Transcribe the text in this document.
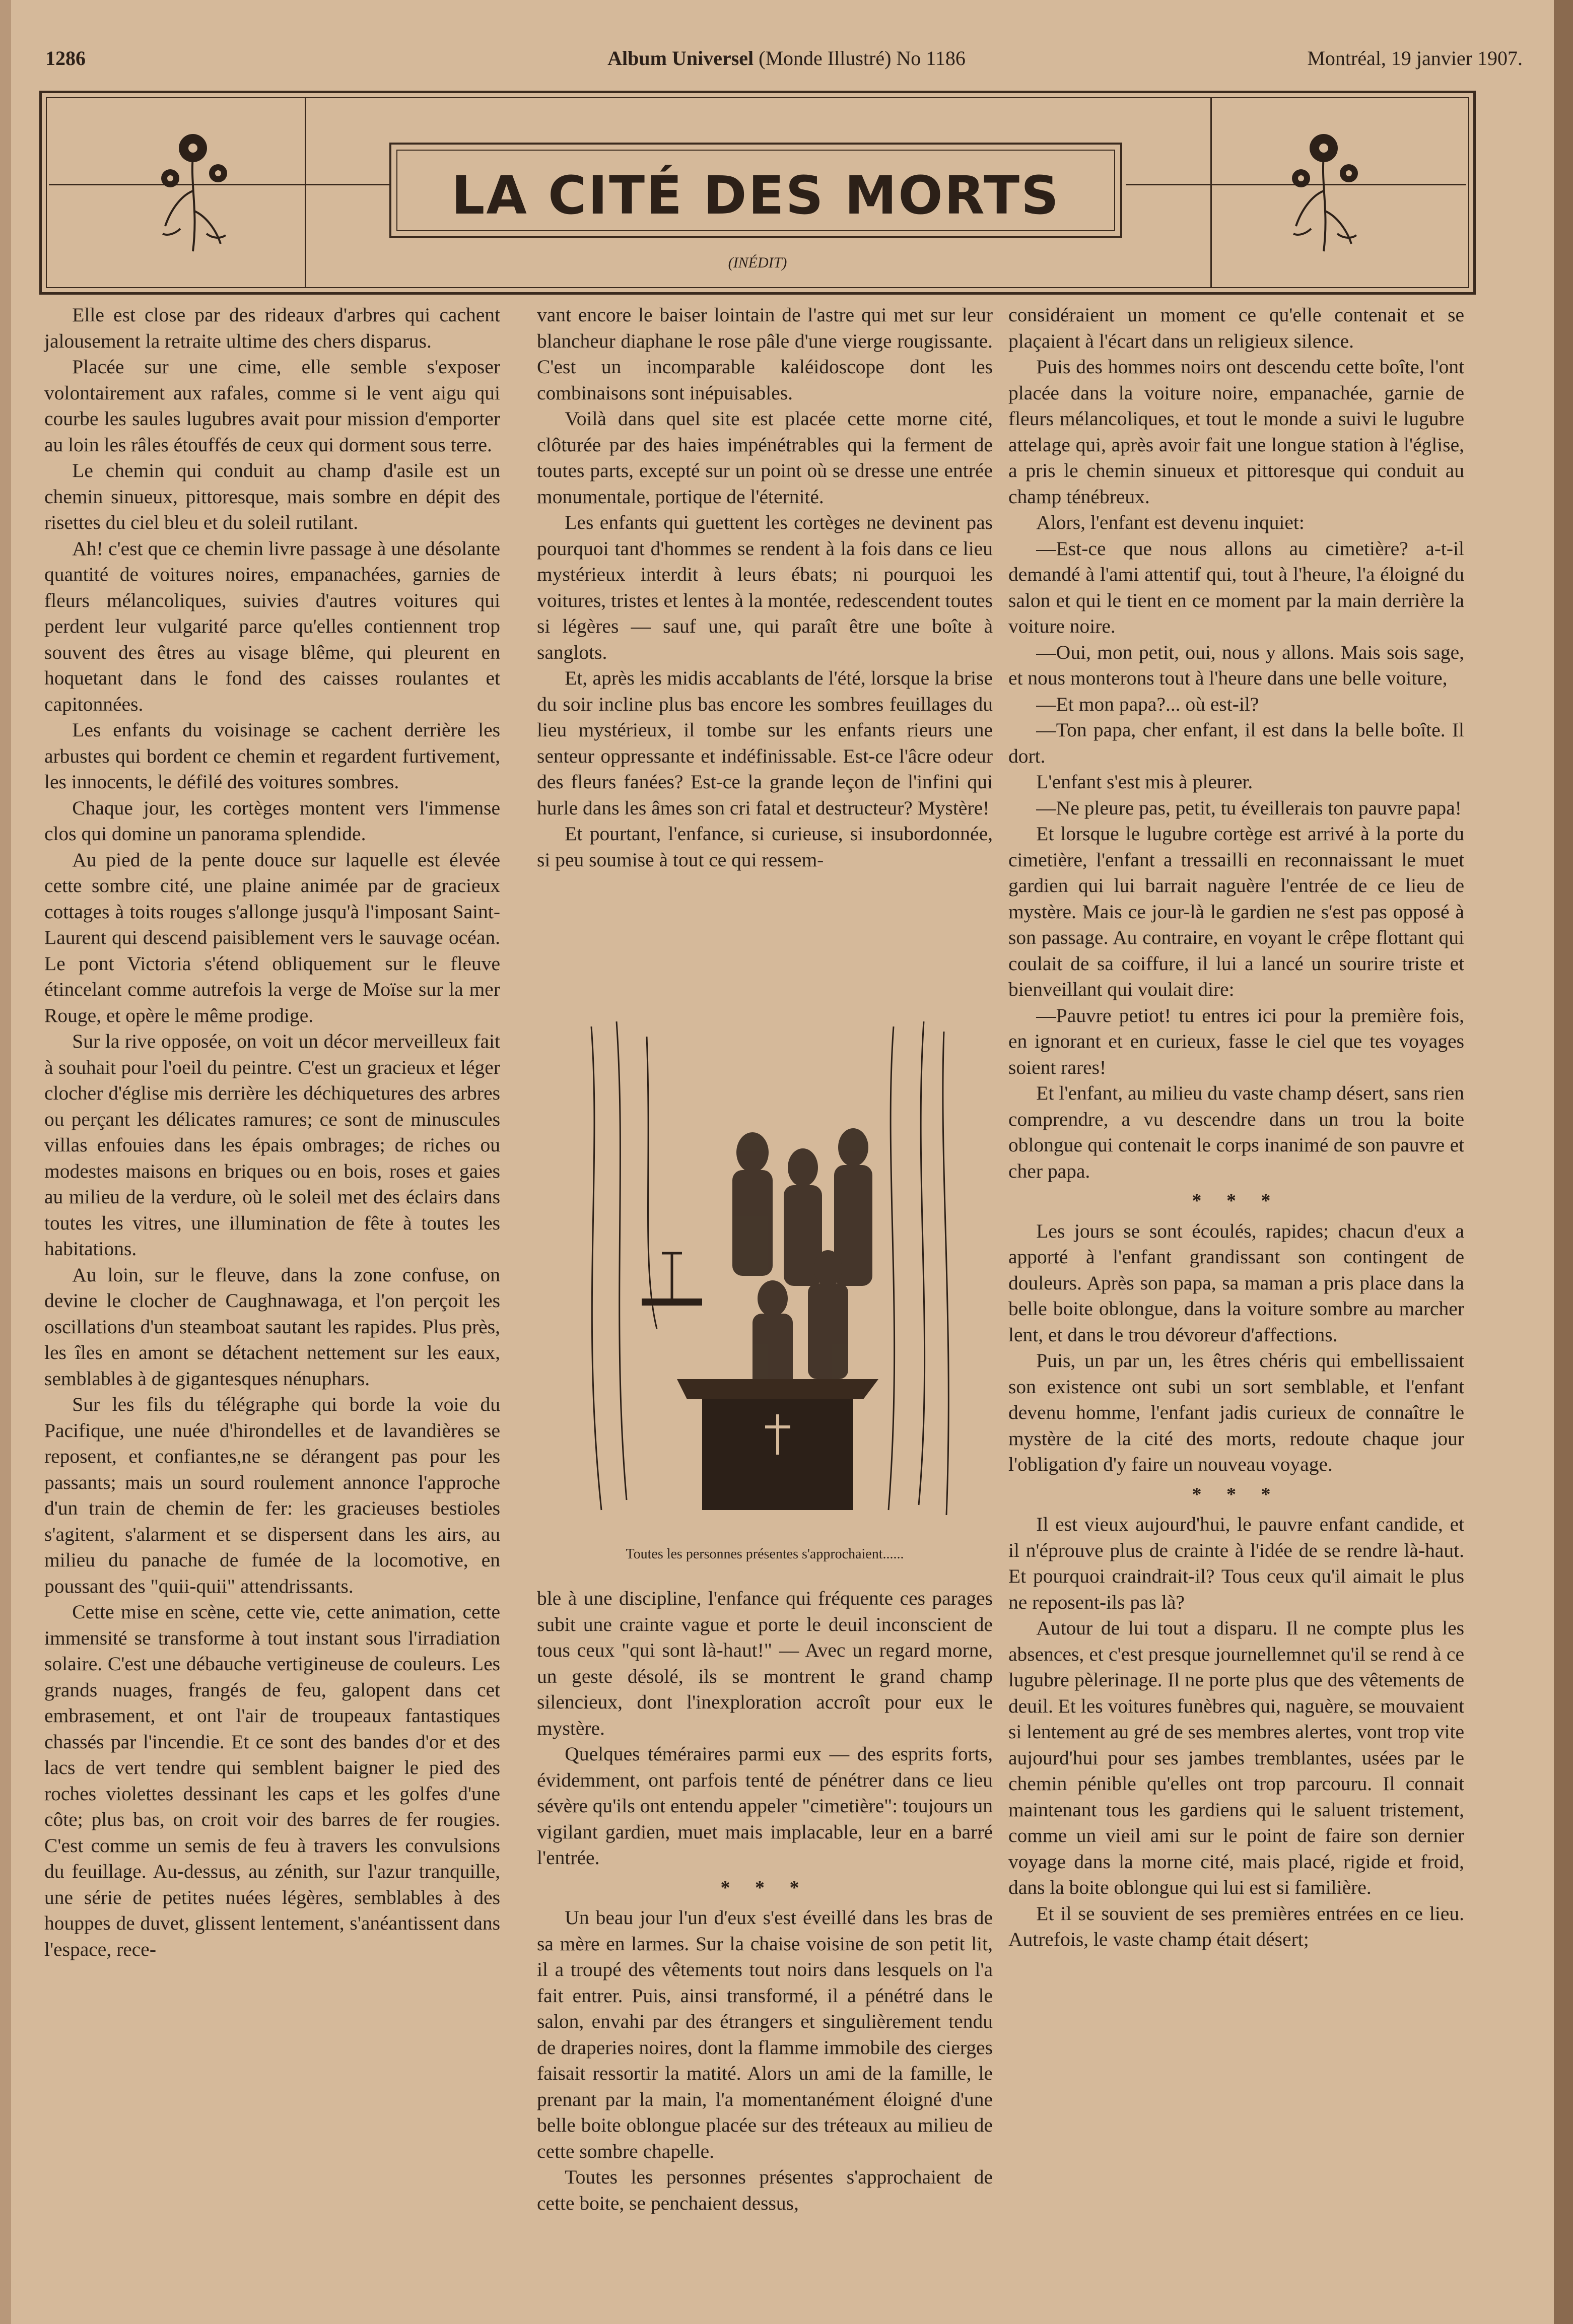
1286	Album Universel (Monde Illustré) No 1186	Montréal, 19 janvier 1907.
LA CITÉ DES MORTS
(INÉDIT)

Elle est close par des rideaux d'arbres qui cachent jalousement la retraite ultime des chers disparus.

Placée sur une cime, elle semble s'exposer volontairement aux rafales, comme si le vent aigu qui courbe les saules lugubres avait pour mission d'emporter au loin les râles étouffés de ceux qui dorment sous terre.

Le chemin qui conduit au champ d'asile est un chemin sinueux, pittoresque, mais sombre en dépit des risettes du ciel bleu et du soleil rutilant.

Ah! c'est que ce chemin livre passage à une désolante quantité de voitures noires, empanachées, garnies de fleurs mélancoliques, suivies d'autres voitures qui perdent leur vulgarité parce qu'elles contiennent trop souvent des êtres au visage blême, qui pleurent en hoquetant dans le fond des caisses roulantes et capitonnées.

Les enfants du voisinage se cachent derrière les arbustes qui bordent ce chemin et regardent furtivement, les innocents, le défilé des voitures sombres.

Chaque jour, les cortèges montent vers l'immense clos qui domine un panorama splendide.

Au pied de la pente douce sur laquelle est élevée cette sombre cité, une plaine animée par de gracieux cottages à toits rouges s'allonge jusqu'à l'imposant Saint-Laurent qui descend paisiblement vers le sauvage océan. Le pont Victoria s'étend obliquement sur le fleuve étincelant comme autrefois la verge de Moïse sur la mer Rouge, et opère le même prodige.

Sur la rive opposée, on voit un décor merveilleux fait à souhait pour l'oeil du peintre. C'est un gracieux et léger clocher d'église mis derrière les déchiquetures des arbres ou perçant les délicates ramures; ce sont de minuscules villas enfouies dans les épais ombrages; de riches ou modestes maisons en briques ou en bois, roses et gaies au milieu de la verdure, où le soleil met des éclairs dans toutes les vitres, une illumination de fête à toutes les habitations.

Au loin, sur le fleuve, dans la zone confuse, on devine le clocher de Caughnawaga, et l'on perçoit les oscillations d'un steamboat sautant les rapides. Plus près, les îles en amont se détachent nettement sur les eaux, semblables à de gigantesques nénuphars.

Sur les fils du télégraphe qui borde la voie du Pacifique, une nuée d'hirondelles et de lavandières se reposent, et confiantes,ne se dérangent pas pour les passants; mais un sourd roulement annonce l'approche d'un train de chemin de fer: les gracieuses bestioles s'agitent, s'alarment et se dispersent dans les airs, au milieu du panache de fumée de la locomotive, en poussant des "quii-quii" attendrissants.

Cette mise en scène, cette vie, cette animation, cette immensité se transforme à tout instant sous l'irradiation solaire. C'est une débauche vertigineuse de couleurs. Les grands nuages, frangés de feu, galopent dans cet embrasement, et ont l'air de troupeaux fantastiques chassés par l'incendie. Et ce sont des bandes d'or et des lacs de vert tendre qui semblent baigner le pied des roches violettes dessinant les caps et les golfes d'une côte; plus bas, on croit voir des barres de fer rougies. C'est comme un semis de feu à travers les convulsions du feuillage. Au-dessus, au zénith, sur l'azur tranquille, une série de petites nuées légères, semblables à des houppes de duvet, glissent lentement, s'anéantissent dans l'espace, rece-

vant encore le baiser lointain de l'astre qui met sur leur blancheur diaphane le rose pâle d'une vierge rougissante. C'est un incomparable kaléidoscope dont les combinaisons sont inépuisables.

Voilà dans quel site est placée cette morne cité, clôturée par des haies impénétrables qui la ferment de toutes parts, excepté sur un point où se dresse une entrée monumentale, portique de l'éternité.

Les enfants qui guettent les cortèges ne devinent pas pourquoi tant d'hommes se rendent à la fois dans ce lieu mystérieux interdit à leurs ébats; ni pourquoi les voitures, tristes et lentes à la montée, redescendent toutes si légères — sauf une, qui paraît être une boîte à sanglots.

Et, après les midis accablants de l'été, lorsque la brise du soir incline plus bas encore les sombres feuillages du lieu mystérieux, il tombe sur les enfants rieurs une senteur oppressante et indéfinissable. Est-ce l'âcre odeur des fleurs fanées? Est-ce la grande leçon de l'infini qui hurle dans les âmes son cri fatal et destructeur? Mystère!

Et pourtant, l'enfance, si curieuse, si insubordonnée, si peu soumise à tout ce qui ressem-

Toutes les personnes présentes s'approchaient......

ble à une discipline, l'enfance qui fréquente ces parages subit une crainte vague et porte le deuil inconscient de tous ceux "qui sont là-haut!" — Avec un regard morne, un geste désolé, ils se montrent le grand champ silencieux, dont l'inexploration accroît pour eux le mystère.

Quelques téméraires parmi eux — des esprits forts, évidemment, ont parfois tenté de pénétrer dans ce lieu sévère qu'ils ont entendu appeler "cimetière": toujours un vigilant gardien, muet mais implacable, leur en a barré l'entrée.

* * *

Un beau jour l'un d'eux s'est éveillé dans les bras de sa mère en larmes. Sur la chaise voisine de son petit lit, il a troupé des vêtements tout noirs dans lesquels on l'a fait entrer. Puis, ainsi transformé, il a pénétré dans le salon, envahi par des étrangers et singulièrement tendu de draperies noires, dont la flamme immobile des cierges faisait ressortir la matité. Alors un ami de la famille, le prenant par la main, l'a momentanément éloigné d'une belle boite oblongue placée sur des tréteaux au milieu de cette sombre chapelle.

Toutes les personnes présentes s'approchaient de cette boite, se penchaient dessus,

considéraient un moment ce qu'elle contenait et se plaçaient à l'écart dans un religieux silence.

Puis des hommes noirs ont descendu cette boîte, l'ont placée dans la voiture noire, empanachée, garnie de fleurs mélancoliques, et tout le monde a suivi le lugubre attelage qui, après avoir fait une longue station à l'église, a pris le chemin sinueux et pittoresque qui conduit au champ ténébreux.

Alors, l'enfant est devenu inquiet:

—Est-ce que nous allons au cimetière? a-t-il demandé à l'ami attentif qui, tout à l'heure, l'a éloigné du salon et qui le tient en ce moment par la main derrière la voiture noire.

—Oui, mon petit, oui, nous y allons. Mais sois sage, et nous monterons tout à l'heure dans une belle voiture,

—Et mon papa?... où est-il?

—Ton papa, cher enfant, il est dans la belle boîte. Il dort.

L'enfant s'est mis à pleurer.

—Ne pleure pas, petit, tu éveillerais ton pauvre papa!

Et lorsque le lugubre cortège est arrivé à la porte du cimetière, l'enfant a tressailli en reconnaissant le muet gardien qui lui barrait naguère l'entrée de ce lieu de mystère. Mais ce jour-là le gardien ne s'est pas opposé à son passage. Au contraire, en voyant le crêpe flottant qui coulait de sa coiffure, il lui a lancé un sourire triste et bienveillant qui voulait dire:

—Pauvre petiot! tu entres ici pour la première fois, en ignorant et en curieux, fasse le ciel que tes voyages soient rares!

Et l'enfant, au milieu du vaste champ désert, sans rien comprendre, a vu descendre dans un trou la boite oblongue qui contenait le corps inanimé de son pauvre et cher papa.

* * *

Les jours se sont écoulés, rapides; chacun d'eux a apporté à l'enfant grandissant son contingent de douleurs. Après son papa, sa maman a pris place dans la belle boite oblongue, dans la voiture sombre au marcher lent, et dans le trou dévoreur d'affections.

Puis, un par un, les êtres chéris qui embellissaient son existence ont subi un sort semblable, et l'enfant devenu homme, l'enfant jadis curieux de connaître le mystère de la cité des morts, redoute chaque jour l'obligation d'y faire un nouveau voyage.

* * *

Il est vieux aujourd'hui, le pauvre enfant candide, et il n'éprouve plus de crainte à l'idée de se rendre là-haut. Et pourquoi craindrait-il? Tous ceux qu'il aimait le plus ne reposent-ils pas là?

Autour de lui tout a disparu. Il ne compte plus les absences, et c'est presque journellemnet qu'il se rend à ce lugubre pèlerinage. Il ne porte plus que des vêtements de deuil. Et les voitures funèbres qui, naguère, se mouvaient si lentement au gré de ses membres alertes, vont trop vite aujourd'hui pour ses jambes tremblantes, usées par le chemin pénible qu'elles ont trop parcouru. Il connait maintenant tous les gardiens qui le saluent tristement, comme un vieil ami sur le point de faire son dernier voyage dans la morne cité, mais placé, rigide et froid, dans la boite oblongue qui lui est si familière.

Et il se souvient de ses premières entrées en ce lieu. Autrefois, le vaste champ était désert;
